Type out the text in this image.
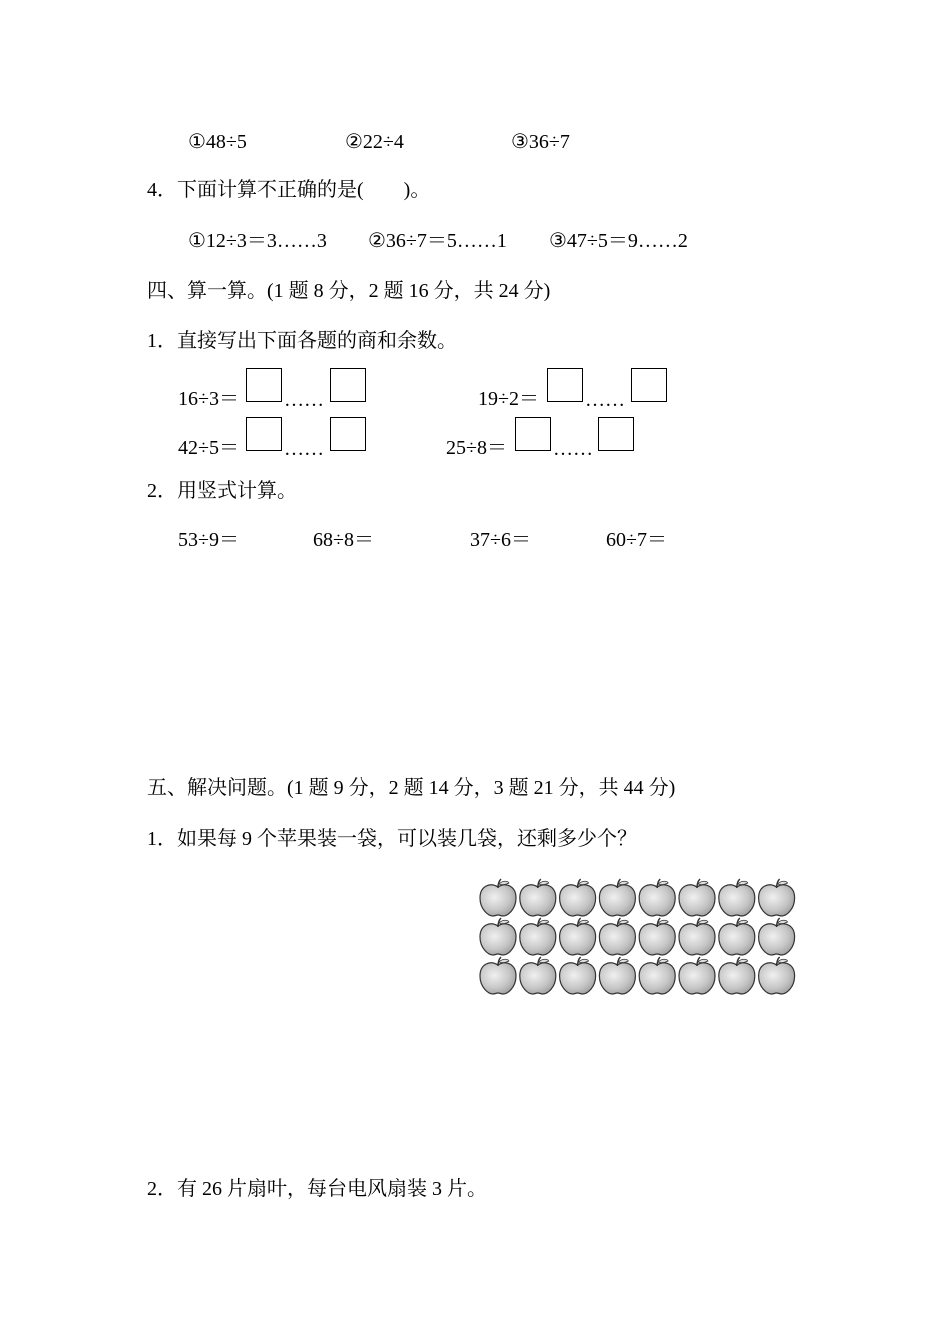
①48÷5	②22÷4	③36÷7
4．下面计算不正确的是(　　)。
①12÷3＝3……3 ②36÷7＝5……1 ③47÷5＝9……2
四、算一算。(1 题 8 分，2 题 16 分，共 24 分)
1．直接写出下面各题的商和余数。
16÷3＝ ……	19÷2＝ ……
42÷5＝ ……	25÷8＝ ……
2．用竖式计算。
53÷9＝	68÷8＝	37÷6＝	60÷7＝
五、解决问题。(1 题 9 分，2 题 14 分，3 题 21 分，共 44 分)
1．如果每 9 个苹果装一袋，可以装几袋，还剩多少个？
2．有 26 片扇叶，每台电风扇装 3 片。
